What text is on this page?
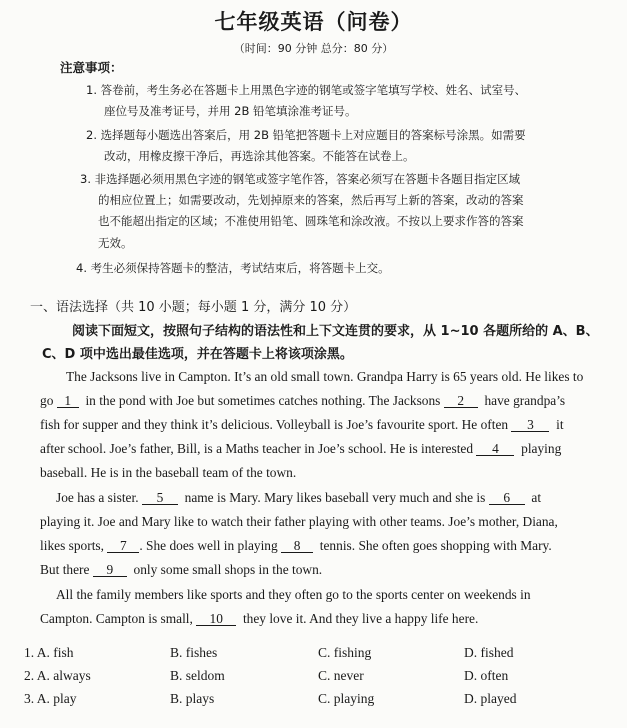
七年级英语（问卷）
（时间：90 分钟 总分：80 分）
注意事项：
1. 答卷前，考生务必在答题卡上用黑色字迹的钢笔或签字笔填写学校、姓名、试室号、
座位号及准考证号，并用 2B 铅笔填涂准考证号。
2. 选择题每小题选出答案后，用 2B 铅笔把答题卡上对应题目的答案标号涂黑。如需要
改动，用橡皮擦干净后，再选涂其他答案。不能答在试卷上。
3. 非选择题必须用黑色字迹的钢笔或签字笔作答，答案必须写在答题卡各题目指定区域
的相应位置上；如需要改动，先划掉原来的答案，然后再写上新的答案，改动的答案
也不能超出指定的区域；不准使用铅笔、圆珠笔和涂改液。不按以上要求作答的答案
无效。
4. 考生必须保持答题卡的整洁，考试结束后，将答题卡上交。
一、语法选择（共 10 小题；每小题 1 分，满分 10 分）
阅读下面短文，按照句子结构的语法性和上下文连贯的要求，从 1~10 各题所给的 A、B、
C、D 项中选出最佳选项，并在答题卡上将该项涂黑。
The Jacksons live in Campton. It’s an old small town. Grandpa Harry is 65 years old. He likes to
go 1 in the pond with Joe but sometimes catches nothing. The Jacksons 2 have grandpa’s
fish for supper and they think it’s delicious. Volleyball is Joe’s favourite sport. He often 3 it
after school. Joe’s father, Bill, is a Maths teacher in Joe’s school. He is interested 4 playing
baseball. He is in the baseball team of the town.
Joe has a sister. 5 name is Mary. Mary likes baseball very much and she is 6 at
playing it. Joe and Mary like to watch their father playing with other teams. Joe’s mother, Diana,
likes sports, 7 . She does well in playing 8 tennis. She often goes shopping with Mary.
But there 9 only some small shops in the town.
All the family members like sports and they often go to the sports center on weekends in
Campton. Campton is small, 10 they love it. And they live a happy life here.
1. A. fish	B. fishes	C. fishing	D. fished
2. A. always	B. seldom	C. never	D. often
3. A. play	B. plays	C. playing	D. played
